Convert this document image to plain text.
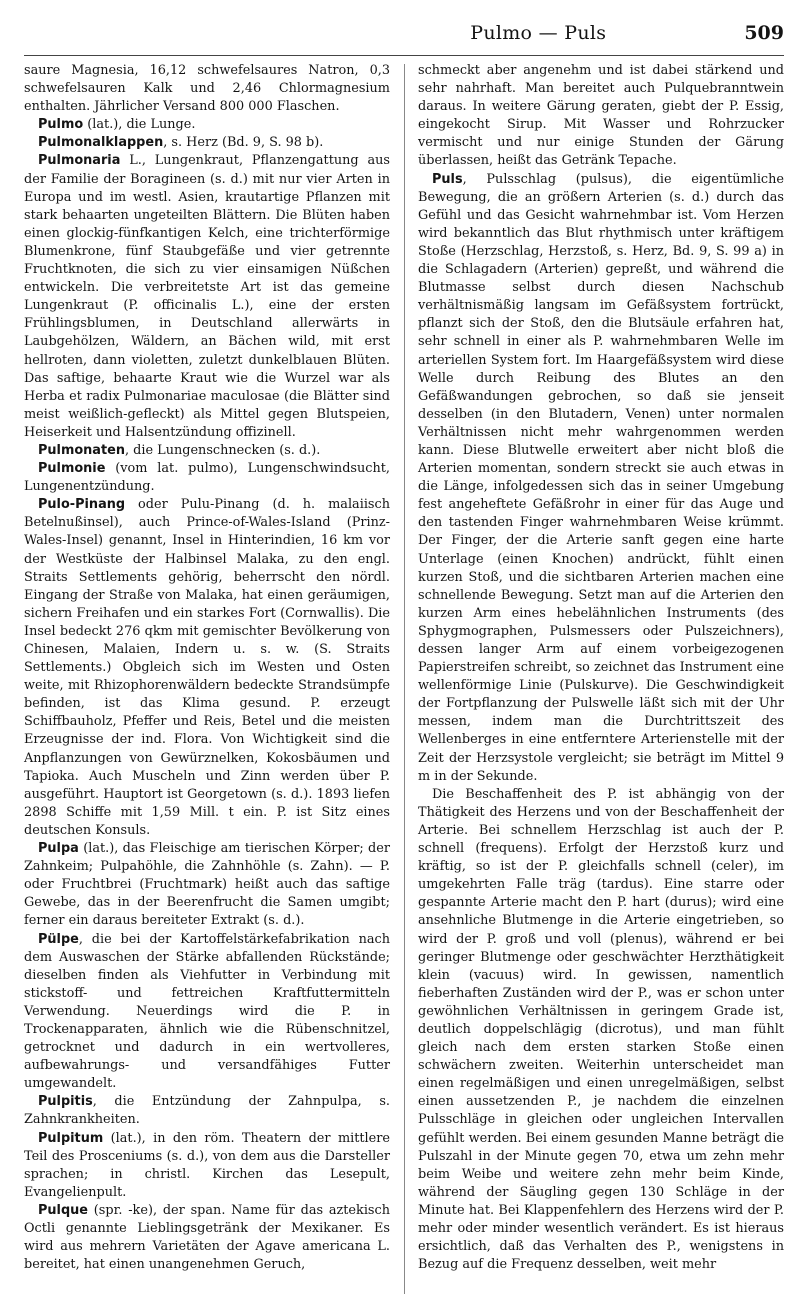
Pulmo — Puls	509

saure Magnesia, 16,12 schwefelsaures Natron, 0,3 schwefelsauren Kalk und 2,46 Chlormagnesium enthalten. Jährlicher Versand 800 000 Flaschen.

Pulmo (lat.), die Lunge.

Pulmonalklappen, s. Herz (Bd. 9, S. 98 b).

Pulmonaria L., Lungenkraut, Pflanzengattung aus der Familie der Boragineen (s. d.) mit nur vier Arten in Europa und im westl. Asien, krautartige Pflanzen mit stark behaarten ungeteilten Blättern. Die Blüten haben einen glockig-fünfkantigen Kelch, eine trichterförmige Blumenkrone, fünf Staubgefäße und vier getrennte Fruchtknoten, die sich zu vier einsamigen Nüßchen entwickeln. Die verbreitetste Art ist das gemeine Lungenkraut (P. officinalis L.), eine der ersten Frühlingsblumen, in Deutschland allerwärts in Laubgehölzen, Wäldern, an Bächen wild, mit erst hellroten, dann violetten, zuletzt dunkelblauen Blüten. Das saftige, behaarte Kraut wie die Wurzel war als Herba et radix Pulmonariae maculosae (die Blätter sind meist weißlich-gefleckt) als Mittel gegen Blutspeien, Heiserkeit und Halsentzündung offizinell.

Pulmonaten, die Lungenschnecken (s. d.).

Pulmonie (vom lat. pulmo), Lungenschwindsucht, Lungenentzündung.

Pulo-Pinang oder Pulu-Pinang (d. h. malaiisch Betelnußinsel), auch Prince-of-Wales-Island (Prinz-Wales-Insel) genannt, Insel in Hinterindien, 16 km vor der Westküste der Halbinsel Malaka, zu den engl. Straits Settlements gehörig, beherrscht den nördl. Eingang der Straße von Malaka, hat einen geräumigen, sichern Freihafen und ein starkes Fort (Cornwallis). Die Insel bedeckt 276 qkm mit gemischter Bevölkerung von Chinesen, Malaien, Indern u. s. w. (S. Straits Settlements.) Obgleich sich im Westen und Osten weite, mit Rhizophorenwäldern bedeckte Strandsümpfe befinden, ist das Klima gesund. P. erzeugt Schiffbauholz, Pfeffer und Reis, Betel und die meisten Erzeugnisse der ind. Flora. Von Wichtigkeit sind die Anpflanzungen von Gewürznelken, Kokosbäumen und Tapioka. Auch Muscheln und Zinn werden über P. ausgeführt. Hauptort ist Georgetown (s. d.). 1893 liefen 2898 Schiffe mit 1,59 Mill. t ein. P. ist Sitz eines deutschen Konsuls.

Pulpa (lat.), das Fleischige am tierischen Körper; der Zahnkeim; Pulpahöhle, die Zahnhöhle (s. Zahn). — P. oder Fruchtbrei (Fruchtmark) heißt auch das saftige Gewebe, das in der Beerenfrucht die Samen umgibt; ferner ein daraus bereiteter Extrakt (s. d.).

Pülpe, die bei der Kartoffelstärkefabrikation nach dem Auswaschen der Stärke abfallenden Rückstände; dieselben finden als Viehfutter in Verbindung mit stickstoff- und fettreichen Kraftfuttermitteln Verwendung. Neuerdings wird die P. in Trockenapparaten, ähnlich wie die Rübenschnitzel, getrocknet und dadurch in ein wertvolleres, aufbewahrungs- und versandfähiges Futter umgewandelt.

Pulpitis, die Entzündung der Zahnpulpa, s. Zahnkrankheiten.

Pulpitum (lat.), in den röm. Theatern der mittlere Teil des Prosceniums (s. d.), von dem aus die Darsteller sprachen; in christl. Kirchen das Lesepult, Evangelienpult.

Pulque (spr. -ke), der span. Name für das aztekisch Octli genannte Lieblingsgetränk der Mexikaner. Es wird aus mehrern Varietäten der Agave americana L. bereitet, hat einen unangenehmen Geruch,

schmeckt aber angenehm und ist dabei stärkend und sehr nahrhaft. Man bereitet auch Pulquebranntwein daraus. In weitere Gärung geraten, giebt der P. Essig, eingekocht Sirup. Mit Wasser und Rohrzucker vermischt und nur einige Stunden der Gärung überlassen, heißt das Getränk Tepache.

Puls, Pulsschlag (pulsus), die eigentümliche Bewegung, die an größern Arterien (s. d.) durch das Gefühl und das Gesicht wahrnehmbar ist. Vom Herzen wird bekanntlich das Blut rhythmisch unter kräftigem Stoße (Herzschlag, Herzstoß, s. Herz, Bd. 9, S. 99 a) in die Schlagadern (Arterien) gepreßt, und während die Blutmasse selbst durch diesen Nachschub verhältnismäßig langsam im Gefäßsystem fortrückt, pflanzt sich der Stoß, den die Blutsäule erfahren hat, sehr schnell in einer als P. wahrnehmbaren Welle im arteriellen System fort. Im Haargefäßsystem wird diese Welle durch Reibung des Blutes an den Gefäßwandungen gebrochen, so daß sie jenseit desselben (in den Blutadern, Venen) unter normalen Verhältnissen nicht mehr wahrgenommen werden kann. Diese Blutwelle erweitert aber nicht bloß die Arterien momentan, sondern streckt sie auch etwas in die Länge, infolgedessen sich das in seiner Umgebung fest angeheftete Gefäßrohr in einer für das Auge und den tastenden Finger wahrnehmbaren Weise krümmt. Der Finger, der die Arterie sanft gegen eine harte Unterlage (einen Knochen) andrückt, fühlt einen kurzen Stoß, und die sichtbaren Arterien machen eine schnellende Bewegung. Setzt man auf die Arterien den kurzen Arm eines hebelähnlichen Instruments (des Sphygmographen, Pulsmessers oder Pulszeichners), dessen langer Arm auf einem vorbeigezogenen Papierstreifen schreibt, so zeichnet das Instrument eine wellenförmige Linie (Pulskurve). Die Geschwindigkeit der Fortpflanzung der Pulswelle läßt sich mit der Uhr messen, indem man die Durchtrittszeit des Wellenberges in eine entferntere Arterienstelle mit der Zeit der Herzsystole vergleicht; sie beträgt im Mittel 9 m in der Sekunde.

Die Beschaffenheit des P. ist abhängig von der Thätigkeit des Herzens und von der Beschaffenheit der Arterie. Bei schnellem Herzschlag ist auch der P. schnell (frequens). Erfolgt der Herzstoß kurz und kräftig, so ist der P. gleichfalls schnell (celer), im umgekehrten Falle träg (tardus). Eine starre oder gespannte Arterie macht den P. hart (durus); wird eine ansehnliche Blutmenge in die Arterie eingetrieben, so wird der P. groß und voll (plenus), während er bei geringer Blutmenge oder geschwächter Herzthätigkeit klein (vacuus) wird. In gewissen, namentlich fieberhaften Zuständen wird der P., was er schon unter gewöhnlichen Verhältnissen in geringem Grade ist, deutlich doppelschlägig (dicrotus), und man fühlt gleich nach dem ersten starken Stoße einen schwächern zweiten. Weiterhin unterscheidet man einen regelmäßigen und einen unregelmäßigen, selbst einen aussetzenden P., je nachdem die einzelnen Pulsschläge in gleichen oder ungleichen Intervallen gefühlt werden. Bei einem gesunden Manne beträgt die Pulszahl in der Minute gegen 70, etwa um zehn mehr beim Weibe und weitere zehn mehr beim Kinde, während der Säugling gegen 130 Schläge in der Minute hat. Bei Klappenfehlern des Herzens wird der P. mehr oder minder wesentlich verändert. Es ist hieraus ersichtlich, daß das Verhalten des P., wenigstens in Bezug auf die Frequenz desselben, weit mehr
